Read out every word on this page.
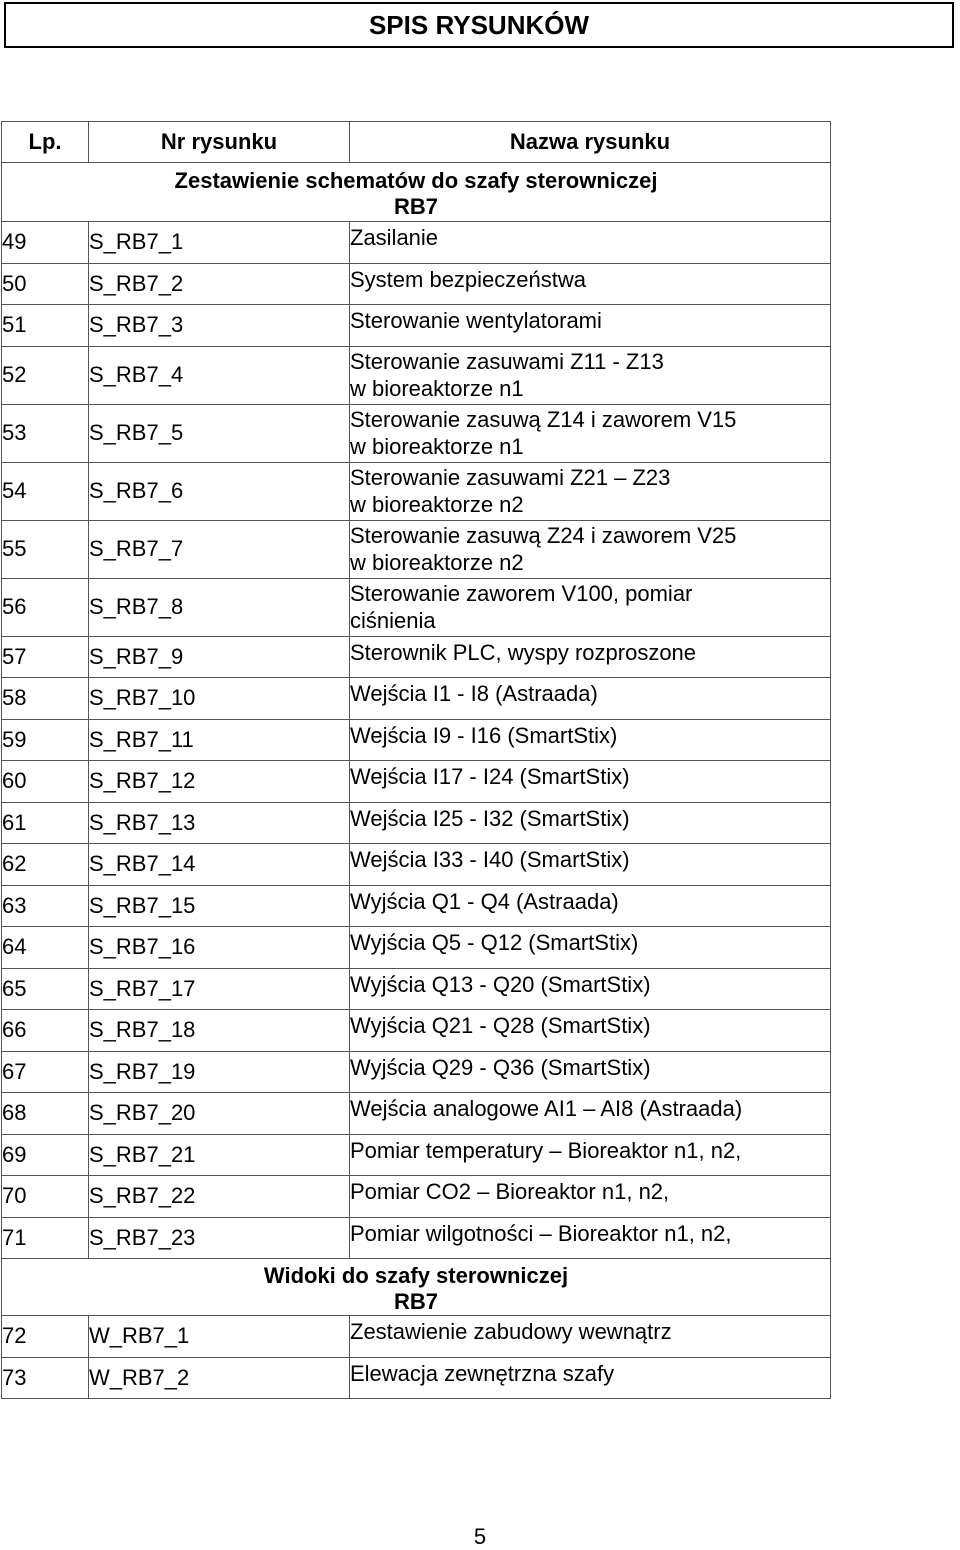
SPIS RYSUNKÓW
Lp.	Nr rysunku	Nazwa rysunku

Zestawienie schematów do szafy sterowniczej
RB7		

49	S_RB7_1	Zasilanie

50	S_RB7_2	System bezpieczeństwa

51	S_RB7_3	Sterowanie wentylatorami

52	S_RB7_4	Sterowanie zasuwami Z11 - Z13
w bioreaktorze n1

53	S_RB7_5	Sterowanie zasuwą Z14 i zaworem V15
w bioreaktorze n1

54	S_RB7_6	Sterowanie zasuwami Z21 – Z23
w bioreaktorze n2

55	S_RB7_7	Sterowanie zasuwą Z24 i zaworem V25
w bioreaktorze n2

56	S_RB7_8	Sterowanie zaworem V100, pomiar
ciśnienia

57	S_RB7_9	Sterownik PLC, wyspy rozproszone

58	S_RB7_10	Wejścia I1 - I8 (Astraada)

59	S_RB7_11	Wejścia I9 - I16 (SmartStix)

60	S_RB7_12	Wejścia I17 - I24 (SmartStix)

61	S_RB7_13	Wejścia I25 - I32 (SmartStix)

62	S_RB7_14	Wejścia I33 - I40 (SmartStix)

63	S_RB7_15	Wyjścia Q1 - Q4 (Astraada)

64	S_RB7_16	Wyjścia Q5 - Q12 (SmartStix)

65	S_RB7_17	Wyjścia Q13 - Q20 (SmartStix)

66	S_RB7_18	Wyjścia Q21 - Q28 (SmartStix)

67	S_RB7_19	Wyjścia Q29 - Q36 (SmartStix)

68	S_RB7_20	Wejścia analogowe AI1 – AI8 (Astraada)

69	S_RB7_21	Pomiar temperatury – Bioreaktor n1, n2,

70	S_RB7_22	Pomiar CO2 – Bioreaktor n1, n2,

71	S_RB7_23	Pomiar wilgotności – Bioreaktor n1, n2,

Widoki do szafy sterowniczej
RB7		

72	W_RB7_1	Zestawienie zabudowy wewnątrz

73	W_RB7_2	Elewacja zewnętrzna szafy
5
